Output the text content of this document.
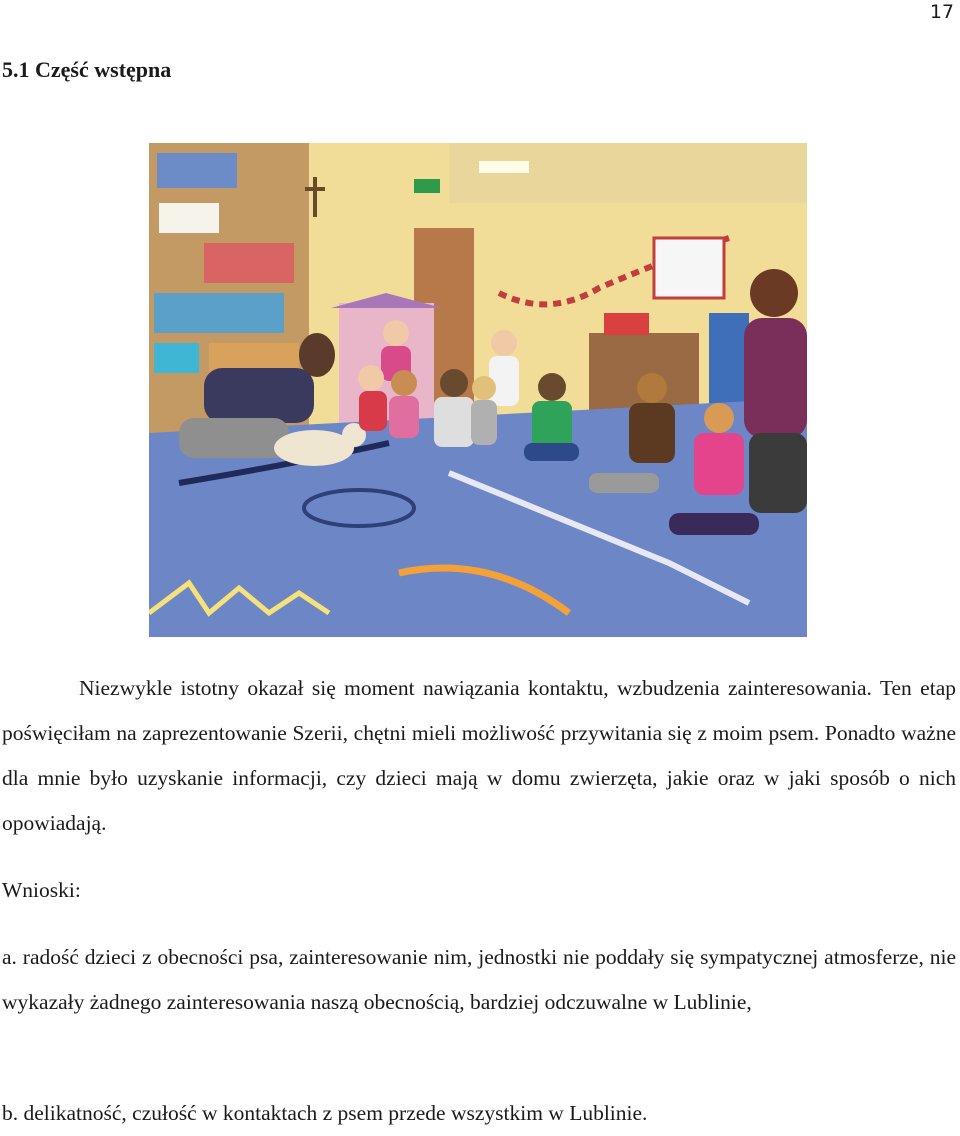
17
5.1 Część wstępna

Niezwykle istotny okazał się moment nawiązania kontaktu, wzbudzenia zainteresowania. Ten etap poświęciłam na zaprezentowanie Szerii, chętni mieli możliwość przywitania się z moim psem. Ponadto ważne dla mnie było uzyskanie informacji, czy dzieci mają w domu zwierzęta, jakie oraz w jaki sposób o nich opowiadają.

Wnioski:

a. radość dzieci z obecności psa, zainteresowanie nim, jednostki nie poddały się sympatycznej atmosferze, nie wykazały żadnego zainteresowania naszą obecnością, bardziej odczuwalne w Lublinie,

b. delikatność, czułość w kontaktach z psem przede wszystkim w Lublinie.
